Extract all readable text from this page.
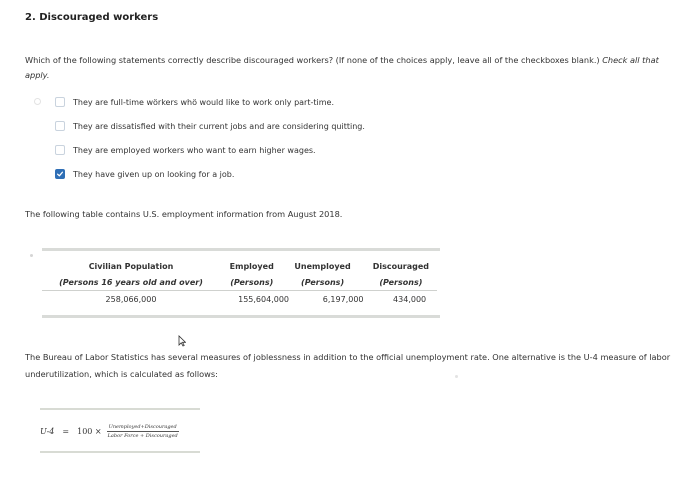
2. Discouraged workers
Which of the following statements correctly describe discouraged workers? (If none of the choices apply, leave all of the checkboxes blank.) Check all that apply.
They are full-time wörkers whö would like to work only part-time.
They are dissatisfied with their current jobs and are considering quitting.
They are employed workers who want to earn higher wages.
They have given up on looking for a job.
The following table contains U.S. employment information from August 2018.
Civilian Population	Employed	Unemployed	Discouraged
(Persons 16 years old and over)	(Persons)	(Persons)	(Persons)
258,066,000	155,604,000	6,197,000	434,000
The Bureau of Labor Statistics has several measures of joblessness in addition to the official unemployment rate. One alternative is the U-4 measure of labor underutilization, which is calculated as follows:
$U-4 = 100 \times \frac{\text{Unemployed+Discouraged}}{\text{Labor Force + Discouraged}}$
